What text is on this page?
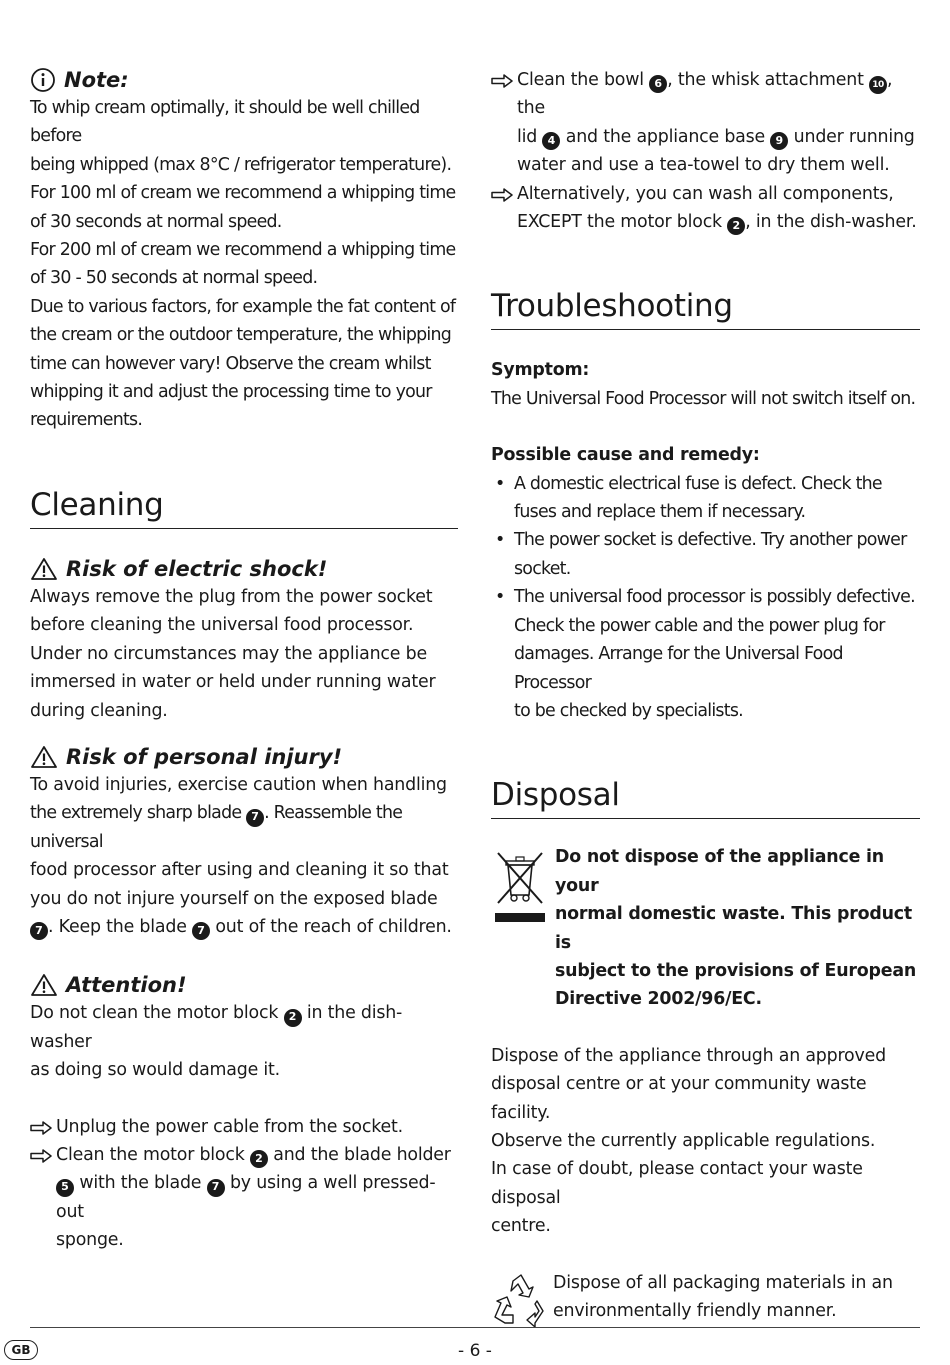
Note:

To whip cream optimally, it should be well chilled before

being whipped (max 8°C / refrigerator temperature).

For 100 ml of cream we recommend a whipping time

of 30 seconds at normal speed.

For 200 ml of cream we recommend a whipping time

of 30 - 50 seconds at normal speed.

Due to various factors, for example the fat content of

the cream or the outdoor temperature, the whipping

time can however vary! Observe the cream whilst

whipping it and adjust the processing time to your

requirements.

Cleaning
Risk of electric shock!

Always remove the plug from the power socket

before cleaning the universal food processor.

Under no circumstances may the appliance be

immersed in water or held under running water

during cleaning.

Risk of personal injury!

To avoid injuries, exercise caution when handling

the extremely sharp blade 7 . Reassemble the universal

food processor after using and cleaning it so that

you do not injure yourself on the exposed blade

7 . Keep the blade 7 out of the reach of children.

Attention!

Do not clean the motor block 2 in the dish-washer

as doing so would damage it.

Unplug the power cable from the socket.

Clean the motor block 2 and the blade holder

5 with the blade 7 by using a well pressed-out

sponge.

Clean the bowl 6 , the whisk attachment 10 , the

lid 4 and the appliance base 9 under running

water and use a tea-towel to dry them well.

Alternatively, you can wash all components,

EXCEPT the motor block 2 , in the dish-washer.

Troubleshooting

Symptom:

The Universal Food Processor will not switch itself on.

Possible cause and remedy:

• A domestic electrical fuse is defect. Check the

fuses and replace them if necessary.

• The power socket is defective. Try another power

socket.

• The universal food processor is possibly defective.

Check the power cable and the power plug for

damages. Arrange for the Universal Food Processor

to be checked by specialists.

Disposal

Do not dispose of the appliance in your

normal domestic waste. This product is

subject to the provisions of European

Directive 2002/96/EC.

Dispose of the appliance through an approved

disposal centre or at your community waste facility.

Observe the currently applicable regulations.

In case of doubt, please contact your waste disposal

centre.

Dispose of all packaging materials in an

environmentally friendly manner.

GB	- 6 -
